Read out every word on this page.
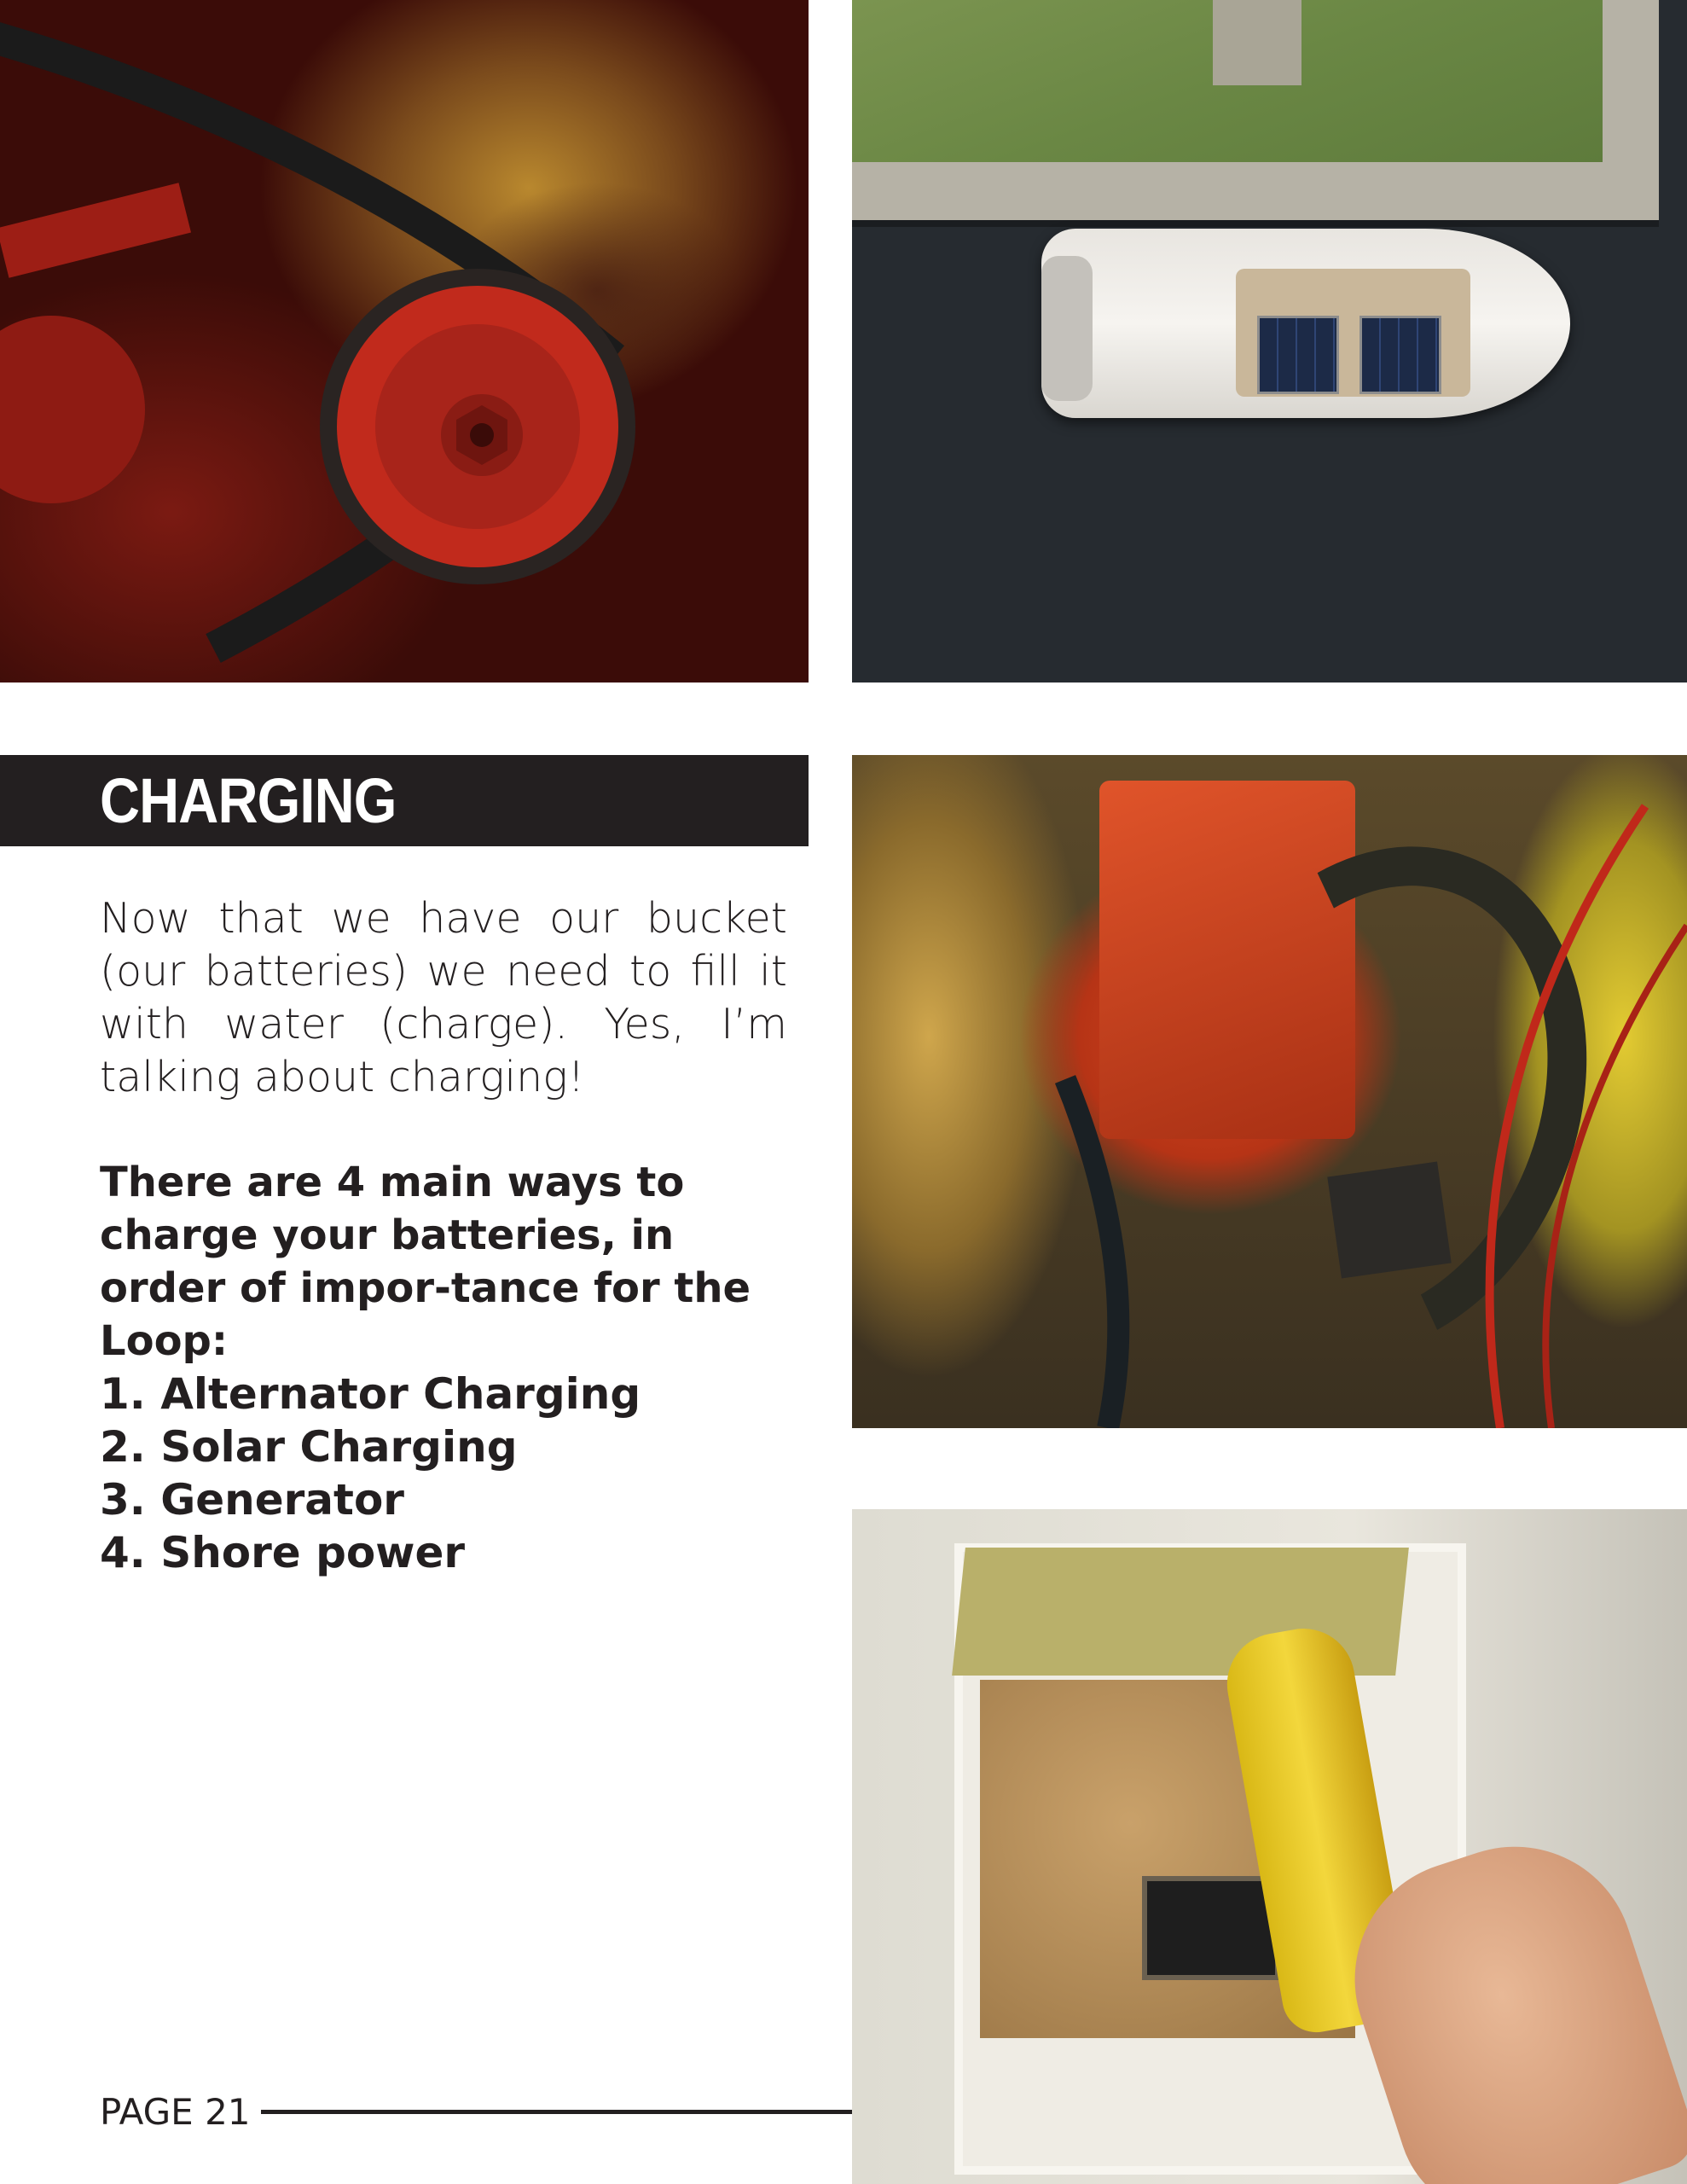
CHARGING

Now that we have our bucket (our batteries) we need to fill it with water (charge). Yes, I’m talking about charging!

There are 4 main ways to charge your batteries, in order of impor-tance for the Loop:

1. Alternator Charging
2. Solar Charging
3. Generator
4. Shore power
PAGE 21
